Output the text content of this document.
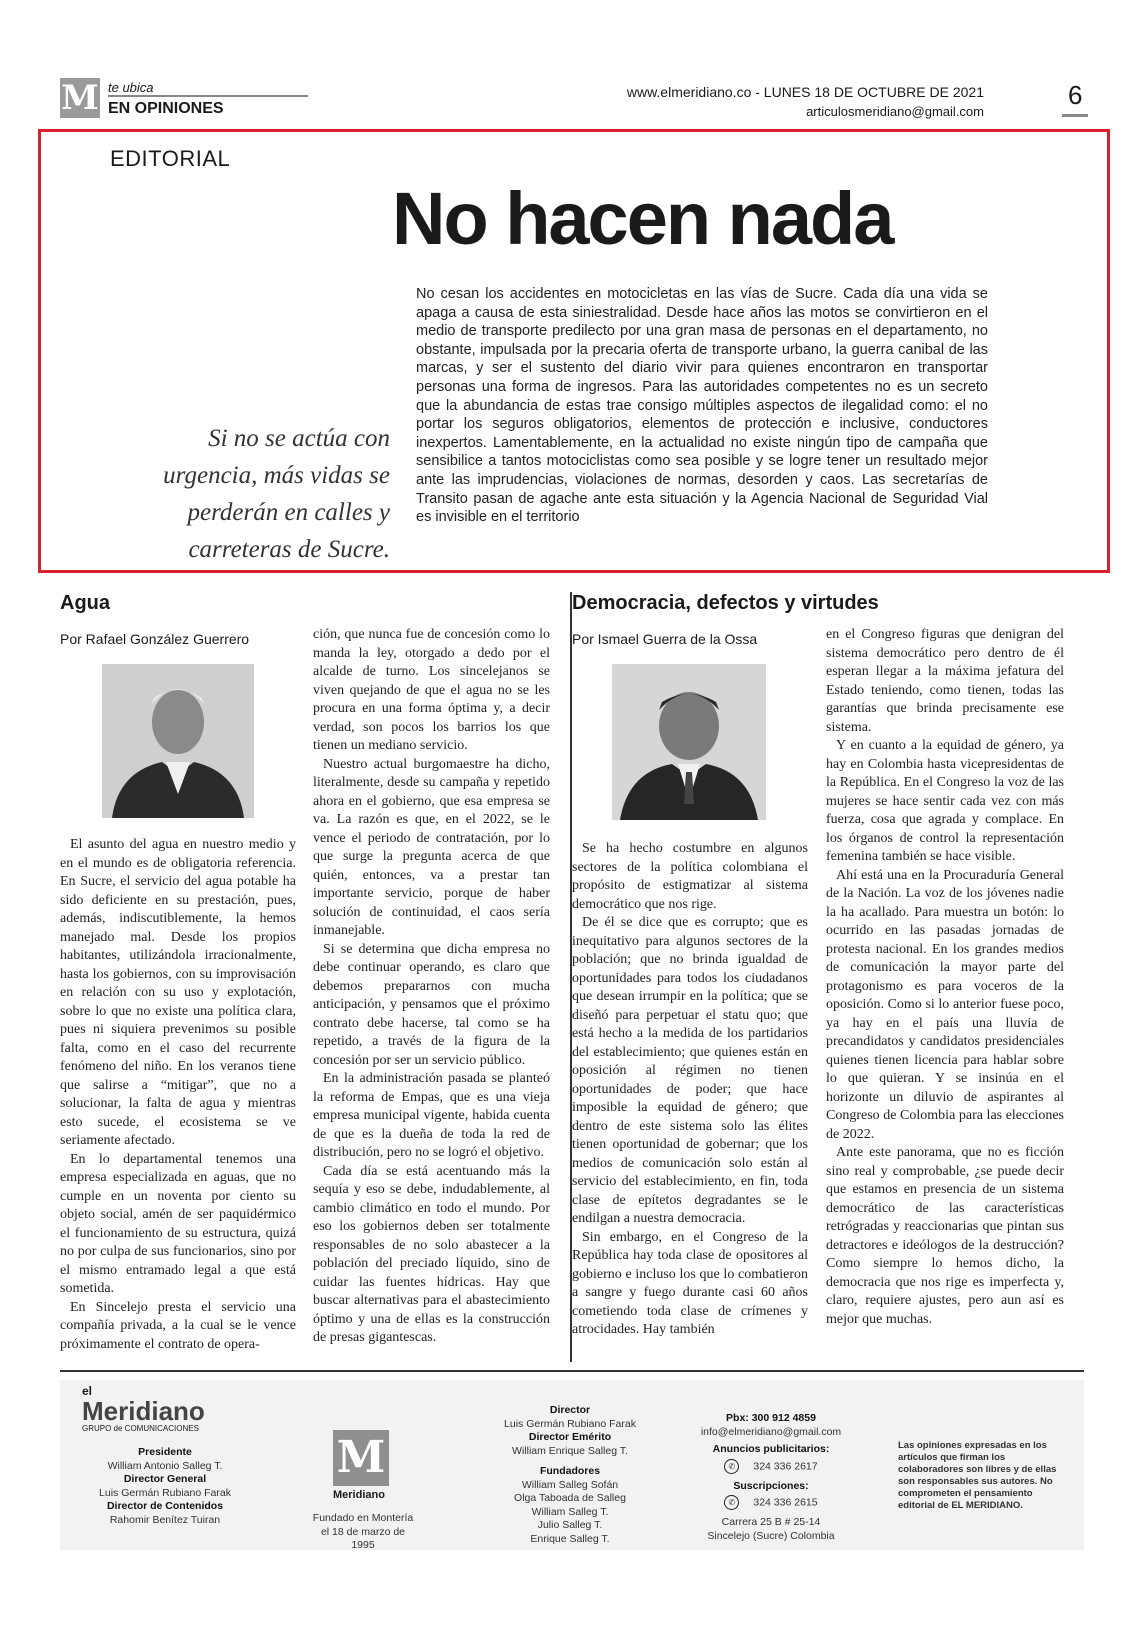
M te ubica
EN OPINIONES
www.elmeridiano.co - LUNES 18 DE OCTUBRE DE 2021
articulosmeridiano@gmail.com
6
EDITORIAL
No hacen nada
Si no se actúa con urgencia, más vidas se perderán en calles y carreteras de Sucre.
No cesan los accidentes en motocicletas en las vías de Sucre. Cada día una vida se apaga a causa de esta siniestralidad. Desde hace años las motos se convirtieron en el medio de transporte predilecto por una gran masa de personas en el departamento, no obstante, impulsada por la precaria oferta de transporte urbano, la guerra canibal de las marcas, y ser el sustento del diario vivir para quienes encontraron en transportar personas una forma de ingresos. Para las autoridades competentes no es un secreto que la abundancia de estas trae consigo múltiples aspectos de ilegalidad como: el no portar los seguros obligatorios, elementos de protección e inclusive, conductores inexpertos. Lamentablemente, en la actualidad no existe ningún tipo de campaña que sensibilice a tantos motociclistas como sea posible y se logre tener un resultado mejor ante las imprudencias, violaciones de normas, desorden y caos. Las secretarías de Transito pasan de agache ante esta situación y la Agencia Nacional de Seguridad Vial es invisible en el territorio
Agua
Por Rafael González Guerrero

El asunto del agua en nuestro medio y en el mundo es de obligatoria referencia. En Sucre, el servicio del agua potable ha sido deficiente en su prestación, pues, además, indiscutiblemente, la hemos manejado mal. Desde los propios habitantes, utilizándola irracionalmente, hasta los gobiernos, con su improvisación en relación con su uso y explotación, sobre lo que no existe una política clara, pues ni siquiera prevenimos su posible falta, como en el caso del recurrente fenómeno del niño. En los veranos tiene que salirse a “mitigar”, que no a solucionar, la falta de agua y mientras esto sucede, el ecosistema se ve seriamente afectado.

En lo departamental tenemos una empresa especializada en aguas, que no cumple en un noventa por ciento su objeto social, amén de ser paquidérmico el funcionamiento de su estructura, quizá no por culpa de sus funcionarios, sino por el mismo entramado legal a que está sometida.

En Sincelejo presta el servicio una compañía privada, a la cual se le vence próximamente el contrato de opera-

ción, que nunca fue de concesión como lo manda la ley, otorgado a dedo por el alcalde de turno. Los sincelejanos se viven quejando de que el agua no se les procura en una forma óptima y, a decir verdad, son pocos los barrios los que tienen un mediano servicio.

Nuestro actual burgomaestre ha dicho, literalmente, desde su campaña y repetido ahora en el gobierno, que esa empresa se va. La razón es que, en el 2022, se le vence el periodo de contratación, por lo que surge la pregunta acerca de que quién, entonces, va a prestar tan importante servicio, porque de haber solución de continuidad, el caos sería inmanejable.

Si se determina que dicha empresa no debe continuar operando, es claro que debemos prepararnos con mucha anticipación, y pensamos que el próximo contrato debe hacerse, tal como se ha repetido, a través de la figura de la concesión por ser un servicio público.

En la administración pasada se planteó la reforma de Empas, que es una vieja empresa municipal vigente, habida cuenta de que es la dueña de toda la red de distribución, pero no se logró el objetivo.

Cada día se está acentuando más la sequía y eso se debe, indudablemente, al cambio climático en todo el mundo. Por eso los gobiernos deben ser totalmente responsables de no solo abastecer a la población del preciado líquido, sino de cuidar las fuentes hídricas. Hay que buscar alternativas para el abastecimiento óptimo y una de ellas es la construcción de presas gigantescas.

Democracia, defectos y virtudes
Por Ismael Guerra de la Ossa

Se ha hecho costumbre en algunos sectores de la política colombiana el propósito de estigmatizar al sistema democrático que nos rige.

De él se dice que es corrupto; que es inequitativo para algunos sectores de la población; que no brinda igualdad de oportunidades para todos los ciudadanos que desean irrumpir en la política; que se diseñó para perpetuar el statu quo; que está hecho a la medida de los partidarios del establecimiento; que quienes están en oposición al régimen no tienen oportunidades de poder; que hace imposible la equidad de género; que dentro de este sistema solo las élites tienen oportunidad de gobernar; que los medios de comunicación solo están al servicio del establecimiento, en fin, toda clase de epítetos degradantes se le endilgan a nuestra democracia.

Sin embargo, en el Congreso de la República hay toda clase de opositores al gobierno e incluso los que lo combatieron a sangre y fuego durante casi 60 años cometiendo toda clase de crímenes y atrocidades. Hay también

en el Congreso figuras que denigran del sistema democrático pero dentro de él esperan llegar a la máxima jefatura del Estado teniendo, como tienen, todas las garantías que brinda precisamente ese sistema.

Y en cuanto a la equidad de género, ya hay en Colombia hasta vicepresidentas de la República. En el Congreso la voz de las mujeres se hace sentir cada vez con más fuerza, cosa que agrada y complace. En los órganos de control la representación femenina también se hace visible.

Ahí está una en la Procuraduría General de la Nación. La voz de los jóvenes nadie la ha acallado. Para muestra un botón: lo ocurrido en las pasadas jornadas de protesta nacional. En los grandes medios de comunicación la mayor parte del protagonismo es para voceros de la oposición. Como si lo anterior fuese poco, ya hay en el país una lluvia de precandidatos y candidatos presidenciales quienes tienen licencia para hablar sobre lo que quieran. Y se insinúa en el horizonte un diluvio de aspirantes al Congreso de Colombia para las elecciones de 2022.

Ante este panorama, que no es ficción sino real y comprobable, ¿se puede decir que estamos en presencia de un sistema democrático de las características retrógradas y reaccionarias que pintan sus detractores e ideólogos de la destrucción? Como siempre lo hemos dicho, la democracia que nos rige es imperfecta y, claro, requiere ajustes, pero aun así es mejor que muchas.

el
Meridiano
GRUPO de COMUNICACIONES
Presidente
William Antonio Salleg T.
Director General
Luis Germán Rubiano Farak
Director de Contenidos
Rahomir Benítez Tuiran
M
Meridiano
Fundado en Montería el 18 de marzo de 1995
Director
Luis Germán Rubiano Farak
Director Emérito
William Enrique Salleg T.
Fundadores
William Salleg Sofán
Olga Taboada de Salleg
William Salleg T.
Julio Salleg T.
Enrique Salleg T.
Pbx: 300 912 4859
info@elmeridiano@gmail.com
Anuncios publicitarios:
✆ 324 336 2617
Suscripciones:
✆ 324 336 2615
Carrera 25 B # 25-14
Sincelejo (Sucre) Colombia
Las opiniones expresadas en los artículos que firman los colaboradores son libres y de ellas son responsables sus autores. No comprometen el pensamiento editorial de EL MERIDIANO.
